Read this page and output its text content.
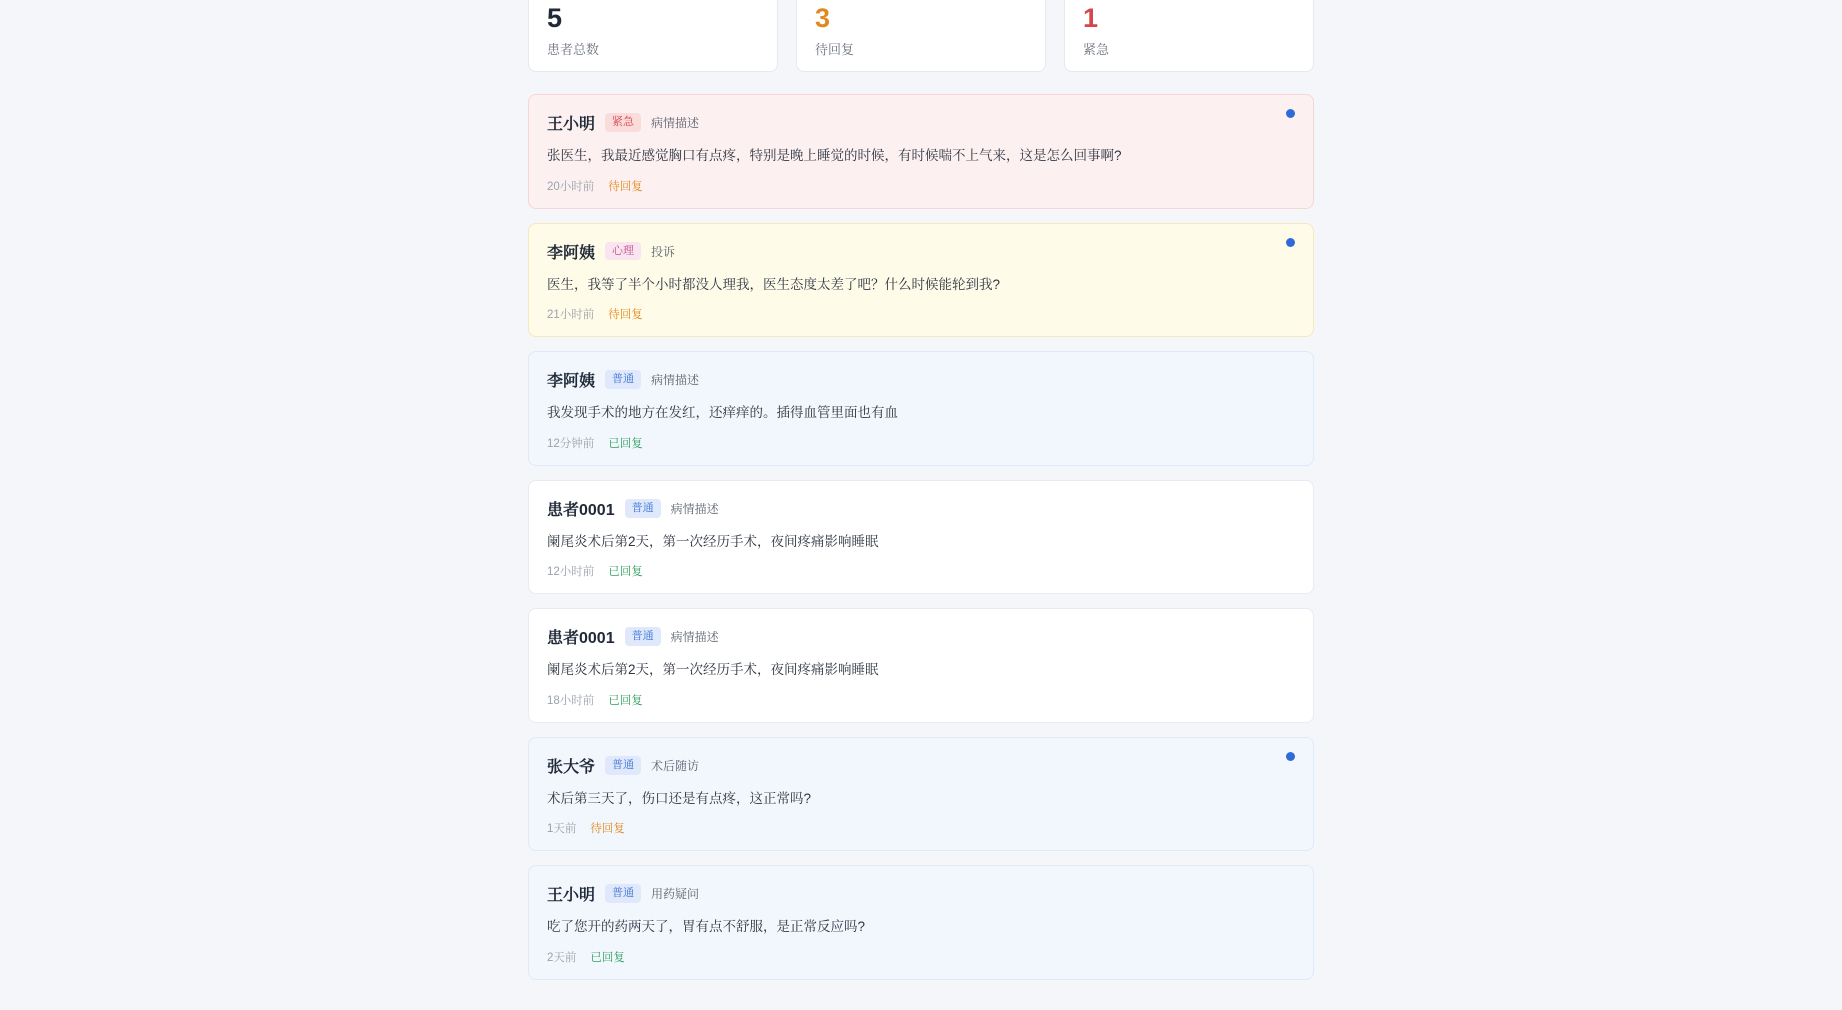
5
患者总数
3
待回复
1
紧急
王小明	紧急	病情描述
张医生，我最近感觉胸口有点疼，特别是晚上睡觉的时候，有时候喘不上气来，这是怎么回事啊?
20小时前 待回复
李阿姨	心理	投诉
医生，我等了半个小时都没人理我，医生态度太差了吧？什么时候能轮到我?
21小时前 待回复
李阿姨	普通	病情描述
我发现手术的地方在发红，还痒痒的。插得血管里面也有血
12分钟前 已回复
患者0001	普通	病情描述
阑尾炎术后第2天，第一次经历手术，夜间疼痛影响睡眠
12小时前 已回复
患者0001	普通	病情描述
阑尾炎术后第2天，第一次经历手术，夜间疼痛影响睡眠
18小时前 已回复
张大爷	普通	术后随访
术后第三天了，伤口还是有点疼，这正常吗?
1天前 待回复
王小明	普通	用药疑问
吃了您开的药两天了，胃有点不舒服，是正常反应吗?
2天前 已回复
